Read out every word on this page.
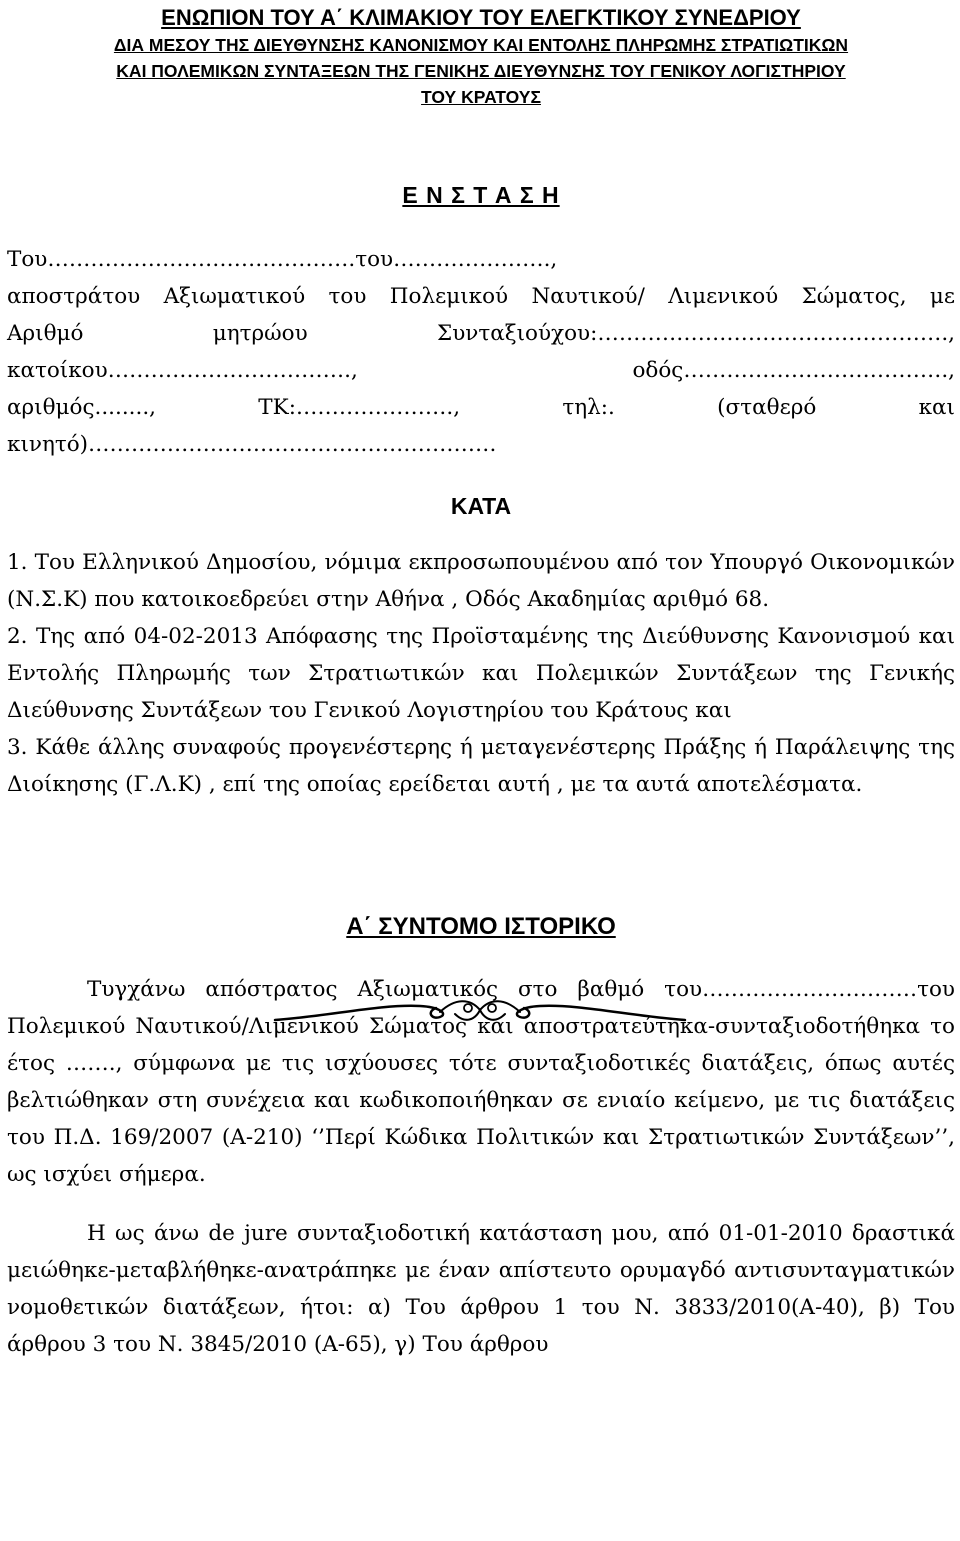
ΕΝΩΠΙΟΝ ΤΟΥ Α΄ ΚΛΙΜΑΚΙΟΥ ΤΟΥ ΕΛΕΓΚΤΙΚΟΥ ΣΥΝΕΔΡΙΟΥ

ΔΙΑ ΜΕΣΟΥ ΤΗΣ ΔΙΕΥΘΥΝΣΗΣ ΚΑΝΟΝΙΣΜΟΥ ΚΑΙ ΕΝΤΟΛΗΣ ΠΛΗΡΩΜΗΣ ΣΤΡΑΤΙΩΤΙΚΩΝ

ΚΑΙ ΠΟΛΕΜΙΚΩΝ ΣΥΝΤΑΞΕΩΝ ΤΗΣ ΓΕΝΙΚΗΣ ΔΙΕΥΘΥΝΣΗΣ ΤΟΥ ΓΕΝΙΚΟΥ ΛΟΓΙΣΤΗΡΙΟΥ

ΤΟΥ ΚΡΑΤΟΥΣ

Ε Ν Σ Τ Α Σ Η

Του…………………………………….του………………….,

αποστράτου Αξιωματικού του Πολεμικού Ναυτικού/ Λιμενικού Σώματος, με

Αριθμό μητρώου Συνταξιούχου:………………………………………….,

κατοίκου……………………………., οδός……………………………….,

αριθμός........, ΤΚ:…………………., τηλ:. (σταθερό και

κινητό)…………………………………………………

ΚΑΤΑ

1. Του Ελληνικού Δημοσίου, νόμιμα εκπροσωπουμένου από τον Υπουργό Οικονομικών (Ν.Σ.Κ) που κατοικοεδρεύει στην Αθήνα , Οδός Ακαδημίας αριθμό 68.

2. Της από 04-02-2013 Απόφασης της Προϊσταμένης της Διεύθυνσης Κανονισμού και Εντολής Πληρωμής των Στρατιωτικών και Πολεμικών Συντάξεων της Γενικής Διεύθυνσης Συντάξεων του Γενικού Λογιστηρίου του Κράτους και

3. Κάθε άλλης συναφούς προγενέστερης ή μεταγενέστερης Πράξης ή Παράλειψης της Διοίκησης (Γ.Λ.Κ) , επί της οποίας ερείδεται αυτή , με τα αυτά αποτελέσματα.

Α΄ ΣΥΝΤΟΜΟ ΙΣΤΟΡΙΚΟ

Τυγχάνω απόστρατος Αξιωματικός στο βαθμό του…………………………του Πολεμικού Ναυτικού/Λιμενικού Σώματος και αποστρατεύτηκα-συνταξιοδοτήθηκα το έτος ……., σύμφωνα με τις ισχύουσες τότε συνταξιοδοτικές διατάξεις, όπως αυτές βελτιώθηκαν στη συνέχεια και κωδικοποιήθηκαν σε ενιαίο κείμενο, με τις διατάξεις του Π.Δ. 169/2007 (Α-210) ‘’Περί Κώδικα Πολιτικών και Στρατιωτικών Συντάξεων’’, ως ισχύει σήμερα.

Η ως άνω de jure συνταξιοδοτική κατάσταση μου, από 01-01-2010 δραστικά μειώθηκε-μεταβλήθηκε-ανατράπηκε με έναν απίστευτο ορυμαγδό αντισυνταγματικών νομοθετικών διατάξεων, ήτοι: α) Του άρθρου 1 του Ν. 3833/2010(Α-40), β) Του άρθρου 3 του Ν. 3845/2010 (Α-65), γ) Του άρθρου
